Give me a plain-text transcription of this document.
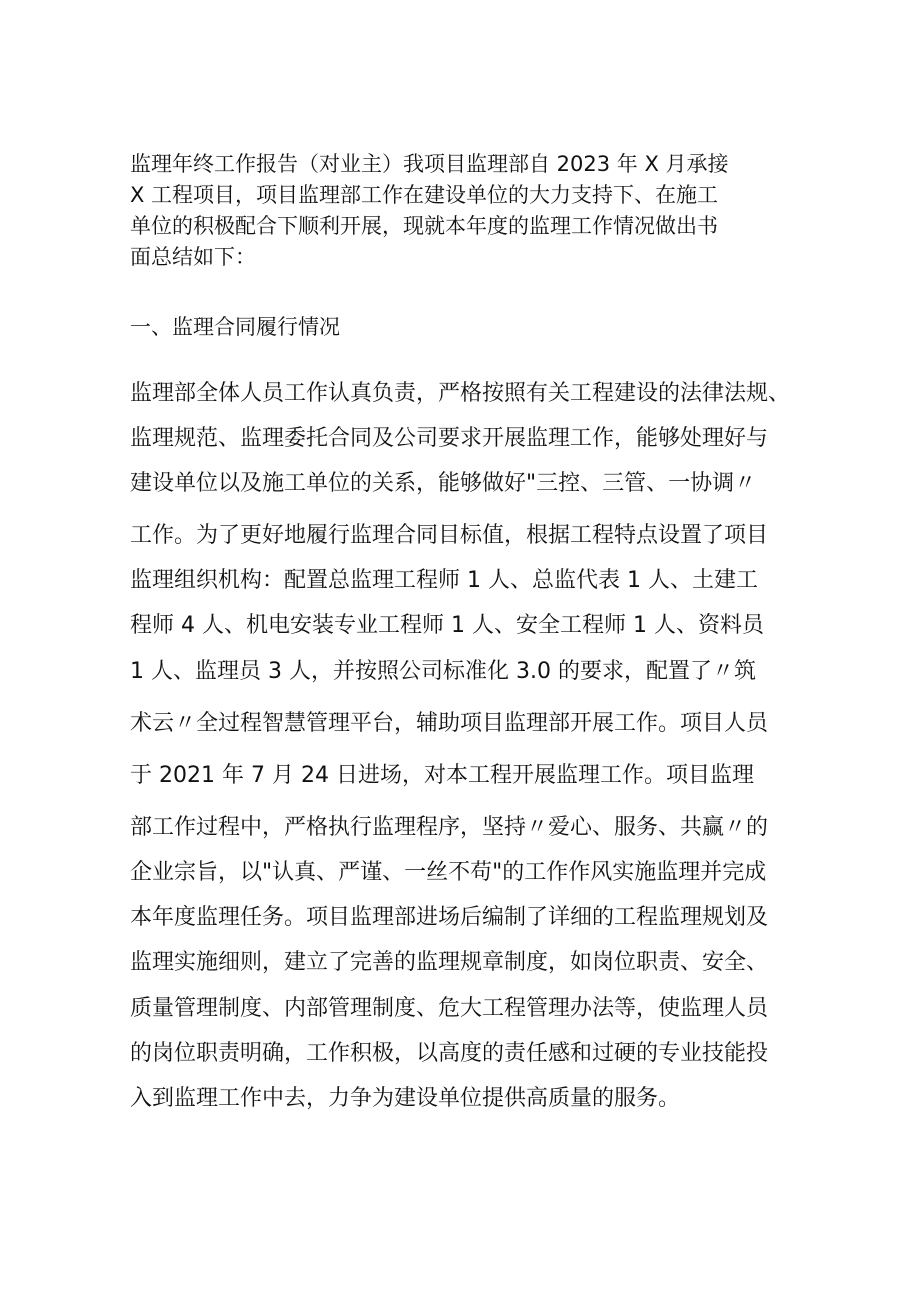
监理年终工作报告（对业主）我项目监理部自 2023 年 X 月承接
X 工程项目，项目监理部工作在建设单位的大力支持下、在施工
单位的积极配合下顺利开展，现就本年度的监理工作情况做出书
面总结如下：
一、监理合同履行情况
监理部全体人员工作认真负责，严格按照有关工程建设的法律法规、
监理规范、监理委托合同及公司要求开展监理工作，能够处理好与
建设单位以及施工单位的关系，能够做好"三控、三管、一协调〃
工作。为了更好地履行监理合同目标值，根据工程特点设置了项目
监理组织机构：配置总监理工程师 1 人、总监代表 1 人、土建工
程师 4 人、机电安装专业工程师 1 人、安全工程师 1 人、资料员
1 人、监理员 3 人，并按照公司标准化 3.0 的要求，配置了〃筑
术云〃全过程智慧管理平台，辅助项目监理部开展工作。项目人员
于 2021 年 7 月 24 日进场，对本工程开展监理工作。项目监理
部工作过程中，严格执行监理程序，坚持〃爱心、服务、共赢〃的
企业宗旨，以"认真、严谨、一丝不苟"的工作作风实施监理并完成
本年度监理任务。项目监理部进场后编制了详细的工程监理规划及
监理实施细则，建立了完善的监理规章制度，如岗位职责、安全、
质量管理制度、内部管理制度、危大工程管理办法等，使监理人员
的岗位职责明确，工作积极，以高度的责任感和过硬的专业技能投
入到监理工作中去，力争为建设单位提供高质量的服务。
